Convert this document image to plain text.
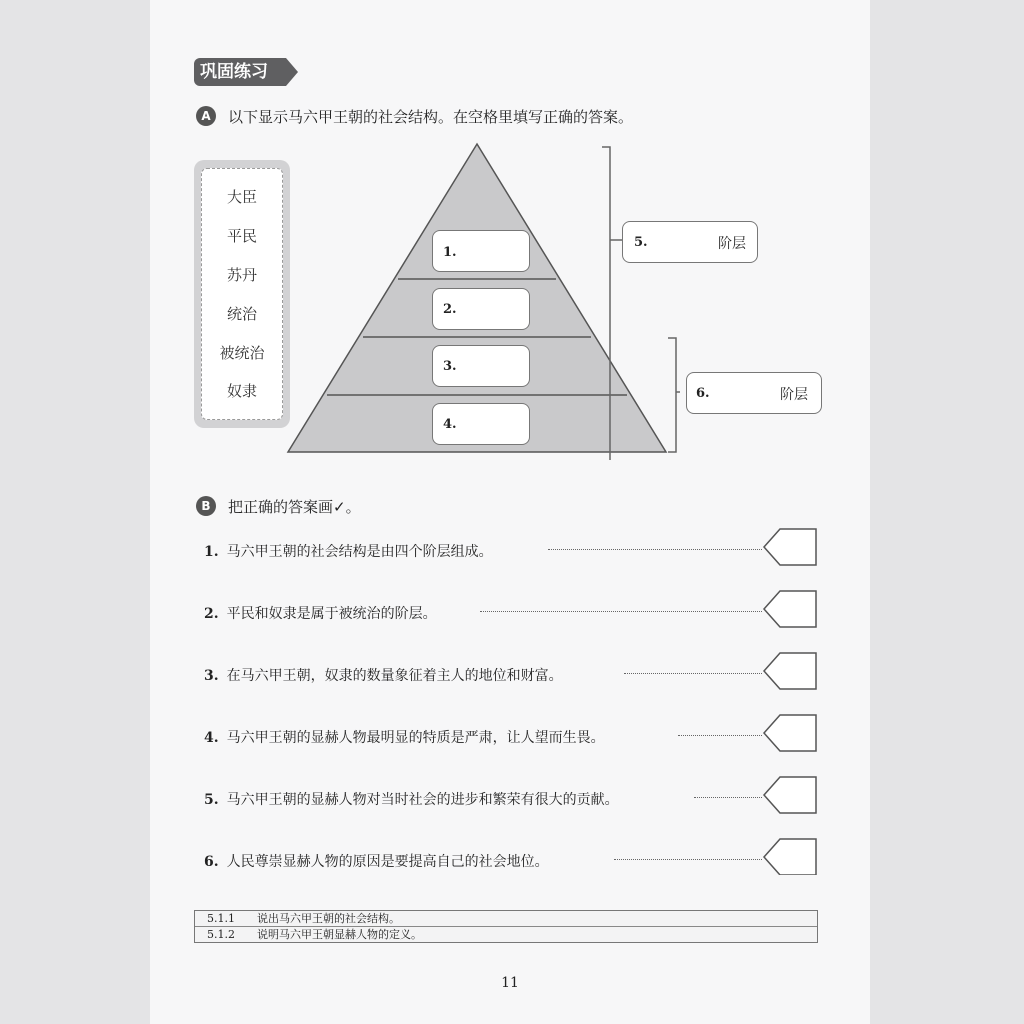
巩固练习
A	以下显示马六甲王朝的社会结构。在空格里填写正确的答案。
大臣
平民
苏丹
统治
被统治
奴隶
1.
2.
3.
4.
5.	阶层
6.	阶层
B	把正确的答案画✓。
1. 马六甲王朝的社会结构是由四个阶层组成。
2. 平民和奴隶是属于被统治的阶层。
3. 在马六甲王朝，奴隶的数量象征着主人的地位和财富。
4. 马六甲王朝的显赫人物最明显的特质是严肃，让人望而生畏。
5. 马六甲王朝的显赫人物对当时社会的进步和繁荣有很大的贡献。
6. 人民尊崇显赫人物的原因是要提高自己的社会地位。
5.1.1 说出马六甲王朝的社会结构。
5.1.2 说明马六甲王朝显赫人物的定义。
11
